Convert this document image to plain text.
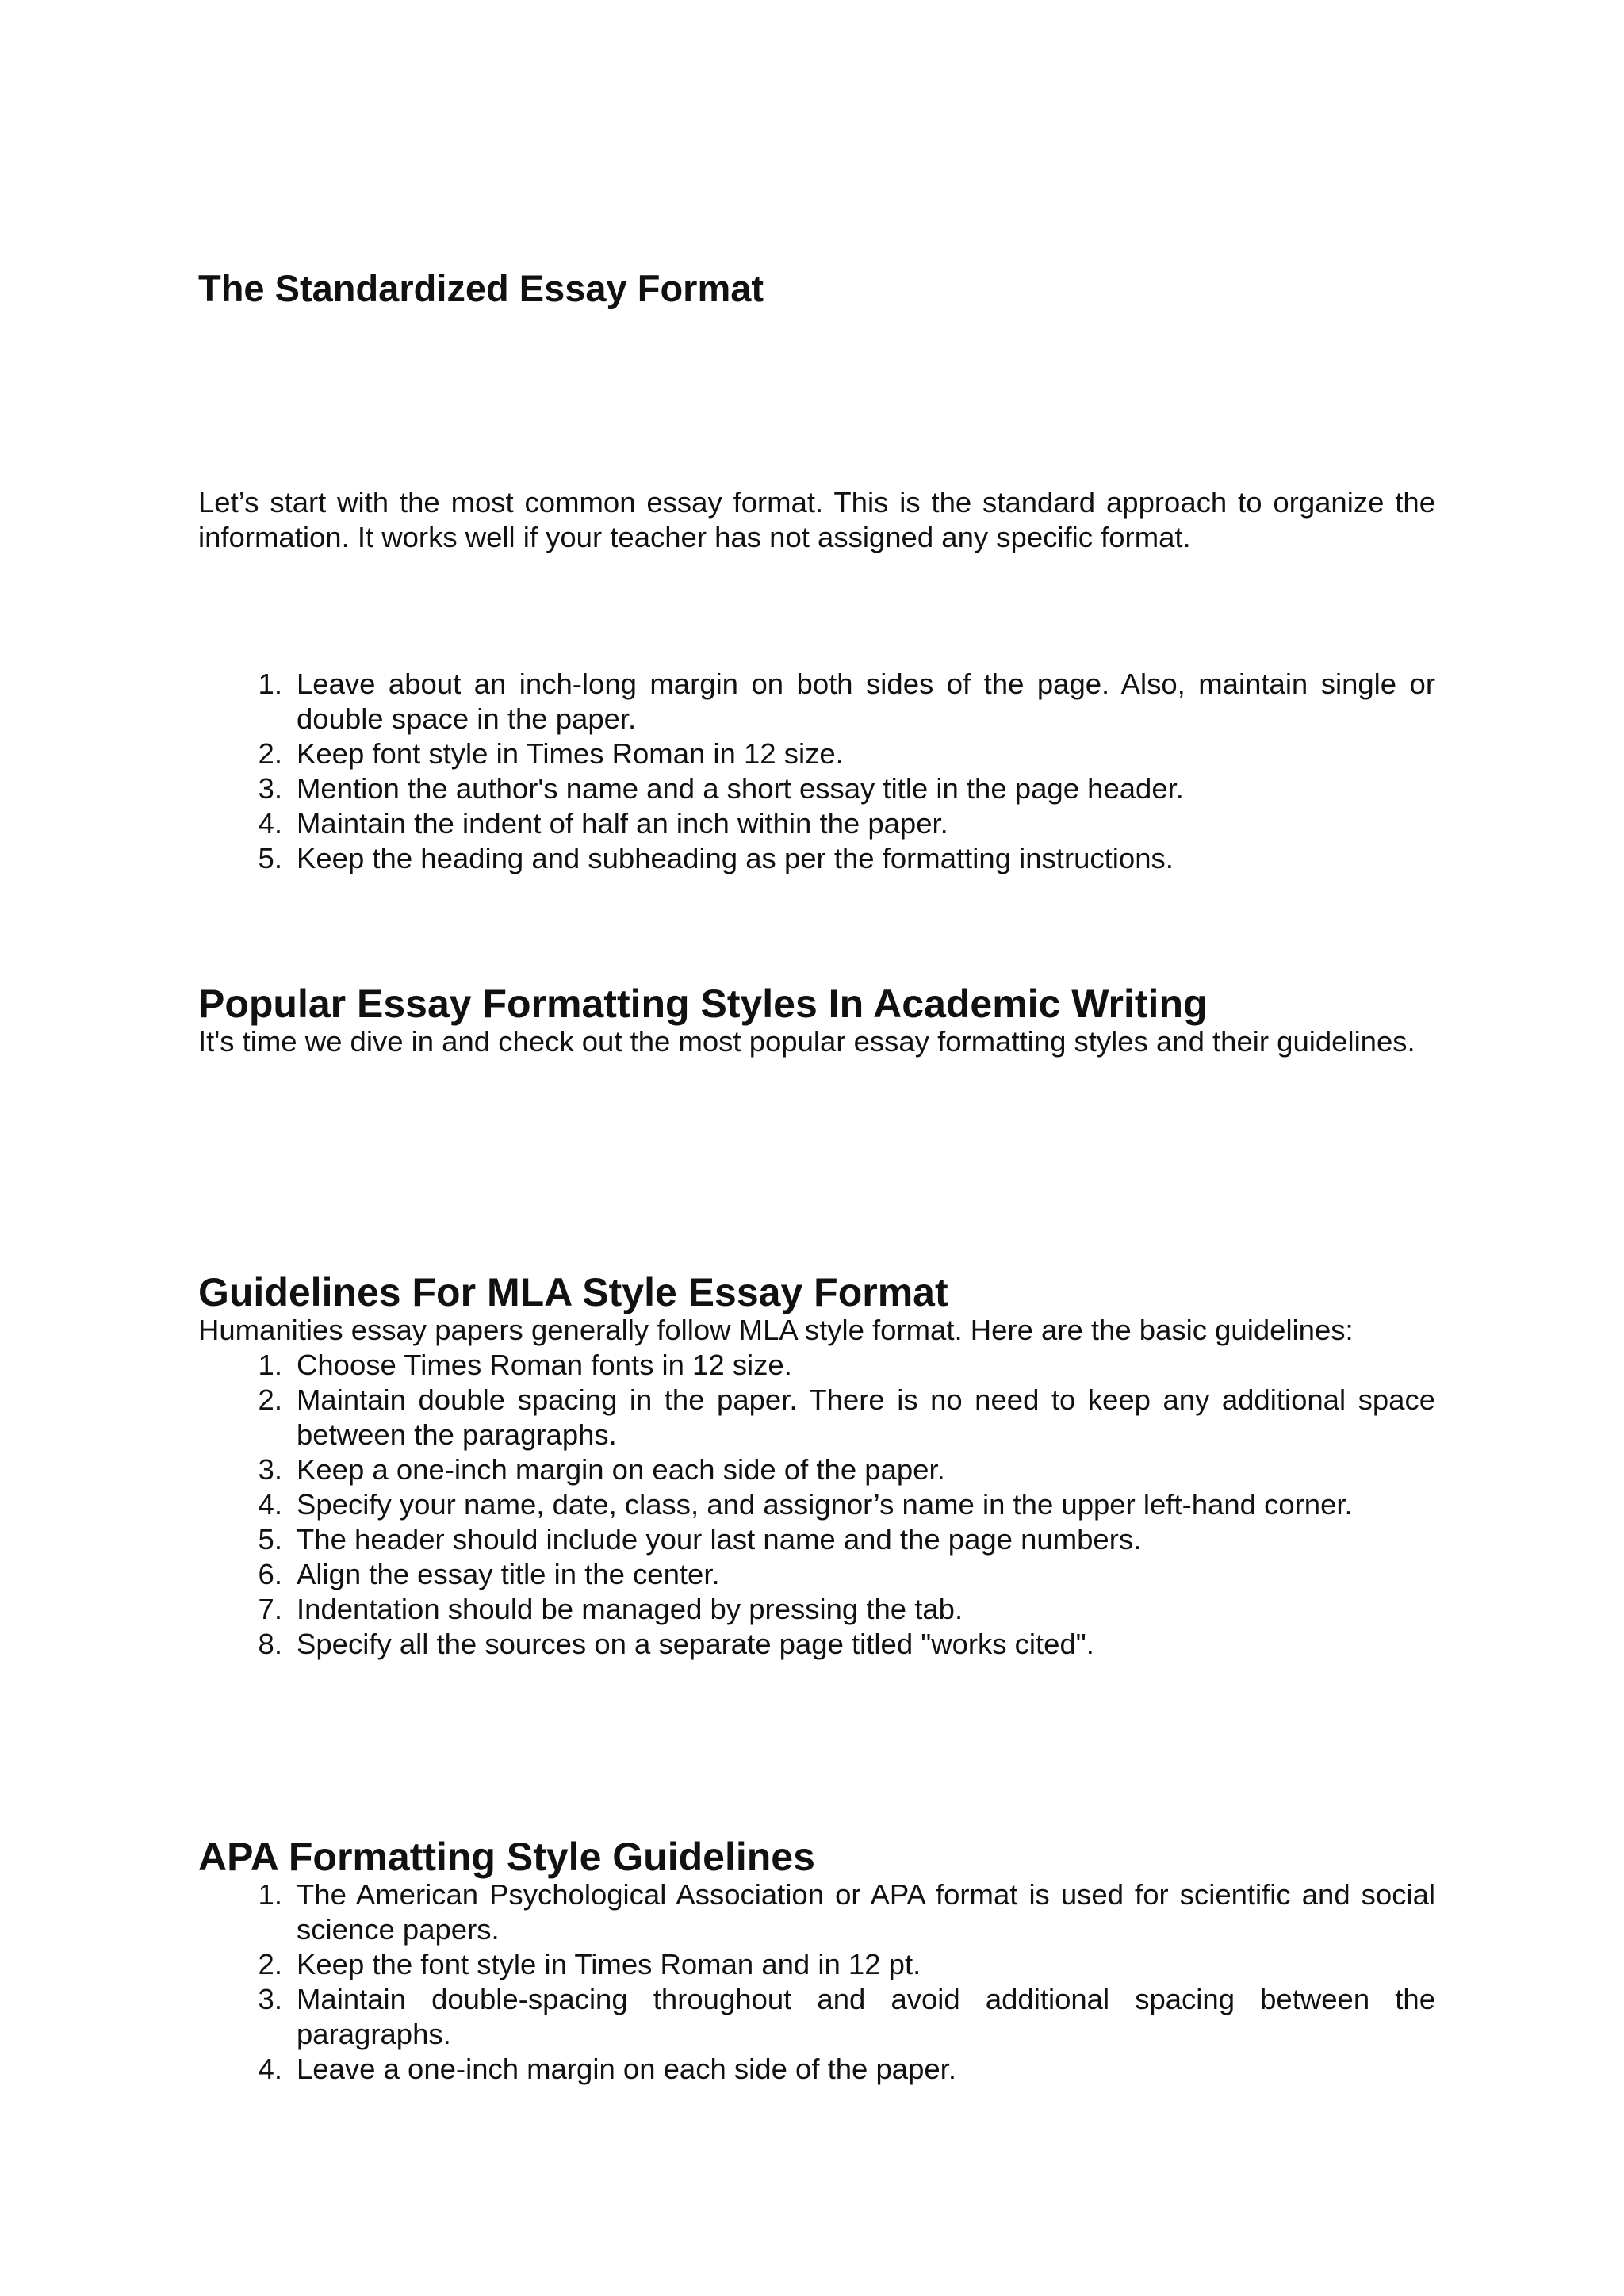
The Standardized Essay Format

Let’s start with the most common essay format. This is the standard approach to organize the information. It works well if your teacher has not assigned any specific format.

1. Leave about an inch-long margin on both sides of the page. Also, maintain single or double space in the paper.
2. Keep font style in Times Roman in 12 size.
3. Mention the author's name and a short essay title in the page header.
4. Maintain the indent of half an inch within the paper.
5. Keep the heading and subheading as per the formatting instructions.
Popular Essay Formatting Styles In Academic Writing

It's time we dive in and check out the most popular essay formatting styles and their guidelines.

Guidelines For MLA Style Essay Format

Humanities essay papers generally follow MLA style format. Here are the basic guidelines:

1. Choose Times Roman fonts in 12 size.
2. Maintain double spacing in the paper. There is no need to keep any additional space between the paragraphs.
3. Keep a one-inch margin on each side of the paper.
4. Specify your name, date, class, and assignor’s name in the upper left-hand corner.
5. The header should include your last name and the page numbers.
6. Align the essay title in the center.
7. Indentation should be managed by pressing the tab.
8. Specify all the sources on a separate page titled "works cited".
APA Formatting Style Guidelines
1. The American Psychological Association or APA format is used for scientific and social science papers.
2. Keep the font style in Times Roman and in 12 pt.
3. Maintain double-spacing throughout and avoid additional spacing between the paragraphs.
4. Leave a one-inch margin on each side of the paper.
